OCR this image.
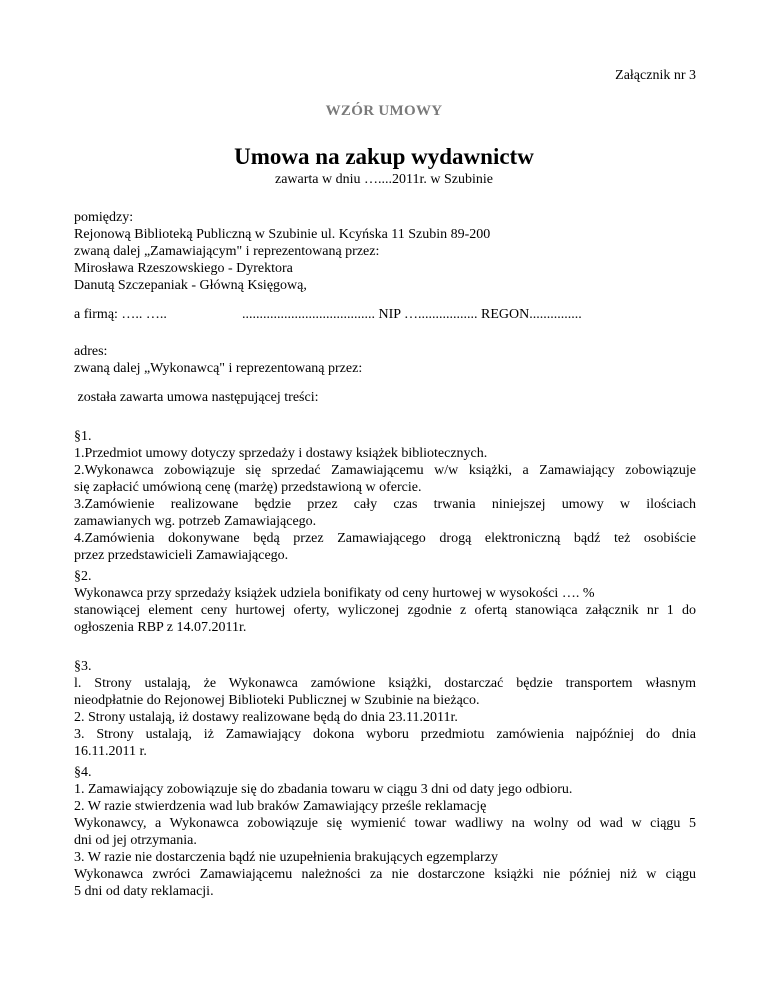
Załącznik nr 3
WZÓR UMOWY
Umowa na zakup wydawnictw
zawarta w dniu …....2011r. w Szubinie
pomiędzy:
Rejonową Biblioteką Publiczną w Szubinie ul. Kcyńska 11 Szubin 89-200
zwaną dalej „Zamawiającym" i reprezentowaną przez:
Mirosława Rzeszowskiego - Dyrektora
Danutą Szczepaniak - Główną Księgową,
a firmą: ….. …..	...................................... NIP …................. REGON...............
adres:
zwaną dalej „Wykonawcą" i reprezentowaną przez:
została zawarta umowa następującej treści:
§1.
1.Przedmiot umowy dotyczy sprzedaży i dostawy książek bibliotecznych.
2.Wykonawca zobowiązuje się sprzedać Zamawiającemu w/w książki, a Zamawiający zobowiązuje
się zapłacić umówioną cenę (marżę) przedstawioną w ofercie.
3.Zamówienie realizowane będzie przez cały czas trwania niniejszej umowy w ilościach
zamawianych wg. potrzeb Zamawiającego.
4.Zamówienia dokonywane będą przez Zamawiającego drogą elektroniczną bądź też osobiście
przez przedstawicieli Zamawiającego.
§2.
Wykonawca przy sprzedaży książek udziela bonifikaty od ceny hurtowej w wysokości …. %
stanowiącej element ceny hurtowej oferty, wyliczonej zgodnie z ofertą stanowiąca załącznik nr 1 do
ogłoszenia RBP z 14.07.2011r.
§3.
l. Strony ustalają, że Wykonawca zamówione książki, dostarczać będzie transportem własnym
nieodpłatnie do Rejonowej Biblioteki Publicznej w Szubinie na bieżąco.
2. Strony ustalają, iż dostawy realizowane będą do dnia 23.11.2011r.
3. Strony ustalają, iż Zamawiający dokona wyboru przedmiotu zamówienia najpóźniej do dnia
16.11.2011 r.
§4.
1. Zamawiający zobowiązuje się do zbadania towaru w ciągu 3 dni od daty jego odbioru.
2. W razie stwierdzenia wad lub braków Zamawiający prześle reklamację
Wykonawcy, a Wykonawca zobowiązuje się wymienić towar wadliwy na wolny od wad w ciągu 5
dni od jej otrzymania.
3. W razie nie dostarczenia bądź nie uzupełnienia brakujących egzemplarzy
Wykonawca zwróci Zamawiającemu należności za nie dostarczone książki nie później niż w ciągu
5 dni od daty reklamacji.
